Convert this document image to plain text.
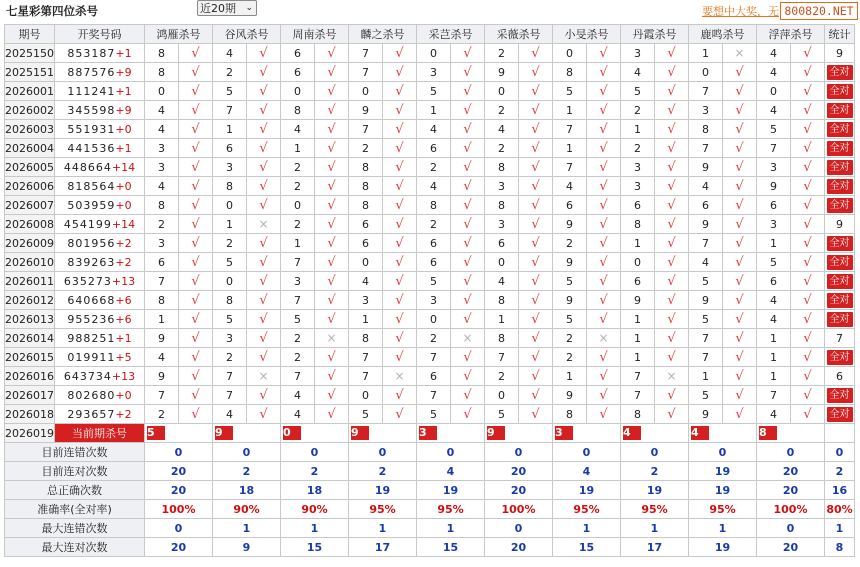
七星彩第四位杀号	近20期 ⌄	要想中大奖，无 800820.NET
期号	开奖号码	鸿雁杀号		谷风杀号		周南杀号		麟之杀号		采芑杀号		采薇杀号		小旻杀号		丹霞杀号		鹿鸣杀号		浮萍杀号		统计
2025150	853187+1	8	√	4	√	6	√	7	√	0	√	2	√	0	√	3	√	1	×	4	√	9
2025151	887576+9	8	√	2	√	6	√	7	√	3	√	9	√	8	√	4	√	0	√	4	√	全对
2026001	111241+1	0	√	5	√	0	√	0	√	5	√	0	√	5	√	5	√	7	√	0	√	全对
2026002	345598+9	4	√	7	√	8	√	9	√	1	√	2	√	1	√	2	√	3	√	4	√	全对
2026003	551931+0	4	√	1	√	4	√	7	√	4	√	4	√	7	√	1	√	8	√	5	√	全对
2026004	441536+1	3	√	6	√	1	√	2	√	6	√	2	√	1	√	2	√	7	√	7	√	全对
2026005	448664+14	3	√	3	√	2	√	8	√	2	√	8	√	7	√	3	√	9	√	3	√	全对
2026006	818564+0	4	√	8	√	2	√	8	√	4	√	3	√	4	√	3	√	4	√	9	√	全对
2026007	503959+0	8	√	0	√	0	√	8	√	8	√	8	√	6	√	6	√	6	√	6	√	全对
2026008	454199+14	2	√	1	×	2	√	6	√	2	√	3	√	9	√	8	√	9	√	3	√	9
2026009	801956+2	3	√	2	√	1	√	6	√	6	√	6	√	2	√	1	√	7	√	1	√	全对
2026010	839263+2	6	√	5	√	7	√	0	√	6	√	0	√	9	√	0	√	4	√	5	√	全对
2026011	635273+13	7	√	0	√	3	√	4	√	5	√	4	√	5	√	6	√	5	√	6	√	全对
2026012	640668+6	8	√	8	√	7	√	3	√	3	√	8	√	9	√	9	√	9	√	4	√	全对
2026013	955236+6	1	√	5	√	5	√	1	√	0	√	1	√	5	√	1	√	5	√	4	√	全对
2026014	988251+1	9	√	3	√	2	×	8	√	2	×	8	√	2	×	1	√	7	√	1	√	7
2026015	019911+5	4	√	2	√	2	√	7	√	7	√	7	√	2	√	1	√	7	√	1	√	全对
2026016	643734+13	9	√	7	×	7	√	7	×	6	√	2	√	1	√	7	×	1	√	1	√	6
2026017	802680+0	7	√	7	√	4	√	0	√	7	√	0	√	9	√	7	√	5	√	7	√	全对
2026018	293657+2	2	√	4	√	4	√	5	√	5	√	5	√	8	√	8	√	9	√	4	√	全对
2026019	当前期杀号	5		9		0		9		3		9		3		4		4		8		
目前连错次数		0		0		0		0		0		0		0		0		0		0		0
目前连对次数		20		2		2		2		4		20		4		2		19		20		2
总正确次数		20		18		18		19		19		20		19		19		19		20		16
准确率(全对率)		100%		90%		90%		95%		95%		100%		95%		95%		95%		100%		80%
最大连错次数		0		1		1		1		1		0		1		1		1		0		1
最大连对次数		20		9		15		17		15		20		15		17		19		20		8
